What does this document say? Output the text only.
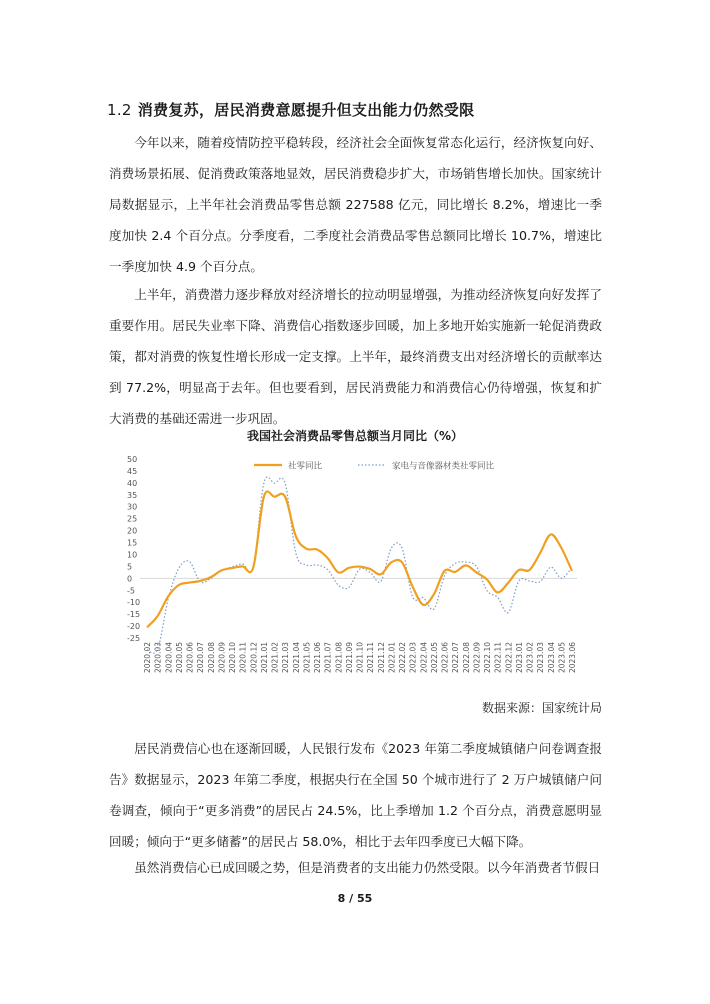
1.2 消费复苏，居民消费意愿提升但支出能力仍然受限

今年以来，随着疫情防控平稳转段，经济社会全面恢复常态化运行，经济恢复向好、消费场景拓展、促消费政策落地显效，居民消费稳步扩大，市场销售增长加快。国家统计局数据显示，上半年社会消费品零售总额 227588 亿元，同比增长 8.2%，增速比一季度加快 2.4 个百分点。分季度看，二季度社会消费品零售总额同比增长 10.7%，增速比一季度加快 4.9 个百分点。

上半年，消费潜力逐步释放对经济增长的拉动明显增强，为推动经济恢复向好发挥了重要作用。居民失业率下降、消费信心指数逐步回暖，加上多地开始实施新一轮促消费政策，都对消费的恢复性增长形成一定支撑。上半年，最终消费支出对经济增长的贡献率达到 77.2%，明显高于去年。但也要看到，居民消费能力和消费信心仍待增强，恢复和扩大消费的基础还需进一步巩固。

我国社会消费品零售总额当月同比（%）
社零同比	家电与音像器材类社零同比
50
45
40
35
30
25
20
15
10
5
0
-5
-10
-15
-20
-25
2020.02 2020.03 2020.04 2020.05 2020.06 2020.07 2020.08 2020.09 2020.10 2020.11 2020.12 2021.01 2021.02 2021.03 2021.04 2021.05 2021.06 2021.07 2021.08 2021.09 2021.10 2021.11 2021.12 2022.01 2022.02 2022.03 2022.04 2022.05 2022.06 2022.07 2022.08 2022.09 2022.10 2022.11 2022.12 2023.01 2023.02 2023.03 2023.04 2023.05 2023.06
数据来源：国家统计局

居民消费信心也在逐渐回暖，人民银行发布《2023 年第二季度城镇储户问卷调查报告》数据显示，2023 年第二季度，根据央行在全国 50 个城市进行了 2 万户城镇储户问卷调查，倾向于“更多消费”的居民占 24.5%，比上季增加 1.2 个百分点，消费意愿明显回暖；倾向于“更多储蓄”的居民占 58.0%，相比于去年四季度已大幅下降。

虽然消费信心已成回暖之势，但是消费者的支出能力仍然受限。以今年消费者节假日

8 / 55
